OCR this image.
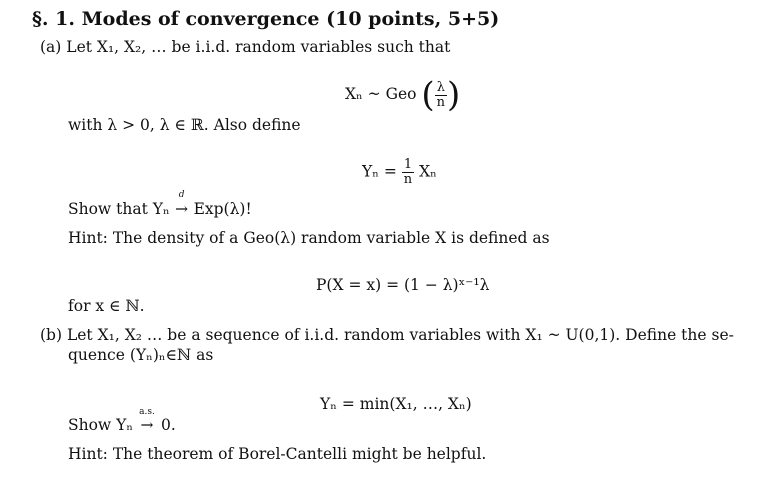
§. 1. Modes of convergence (10 points, 5+5)
(a) Let X₁, X₂, … be i.i.d. random variables such that
Xₙ ~ Geo ( $\frac{\lambda}{n}$ )
with λ > 0, λ ∈ ℝ. Also define
$Y_n = \frac{1}{n}$ Xₙ
Show that Yₙ
d
→ Exp(λ)!
Hint: The density of a Geo(λ) random variable X is defined as
P(X = x) = (1 − λ)ˣ⁻¹λ
for x ∈ ℕ.
(b) Let X₁, X₂ … be a sequence of i.i.d. random variables with X₁ ~ U(0,1). Define the se-
quence (Yₙ)ₙ∈ℕ as
Yₙ = min(X₁, …, Xₙ)
Show Yₙ
a.s.
→ 0.
Hint: The theorem of Borel-Cantelli might be helpful.
